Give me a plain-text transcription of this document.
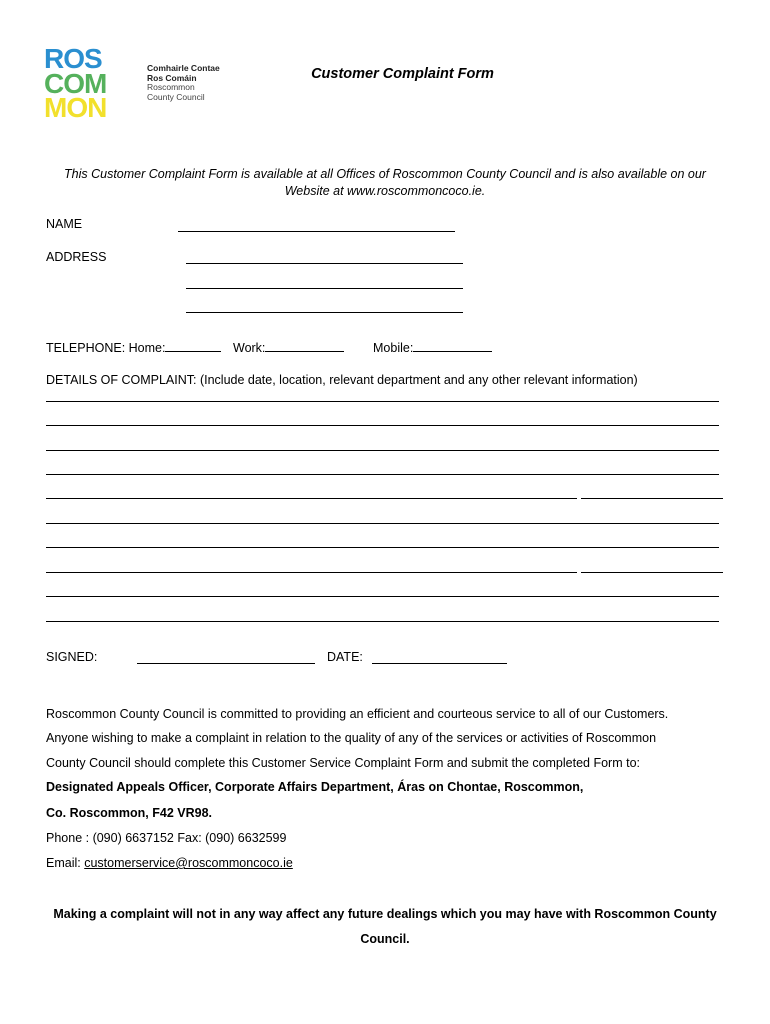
ROS
COM
MON
Comhairle Contae
Ros Comáin
Roscommon
County Council
Customer Complaint Form
This Customer Complaint Form is available at all Offices of Roscommon County Council and is also available on our
Website at www.roscommoncoco.ie.
NAME
ADDRESS
TELEPHONE: Home:	Work:	Mobile:
DETAILS OF COMPLAINT: (Include date, location, relevant department and any other relevant information)
SIGNED:	DATE:
Roscommon County Council is committed to providing an efficient and courteous service to all of our Customers.
Anyone wishing to make a complaint in relation to the quality of any of the services or activities of Roscommon
County Council should complete this Customer Service Complaint Form and submit the completed Form to:
Designated Appeals Officer, Corporate Affairs Department, Áras on Chontae, Roscommon,
Co. Roscommon, F42 VR98.
Phone : (090) 6637152 Fax: (090) 6632599
Email: customerservice@roscommoncoco.ie
Making a complaint will not in any way affect any future dealings which you may have with Roscommon County
Council.
